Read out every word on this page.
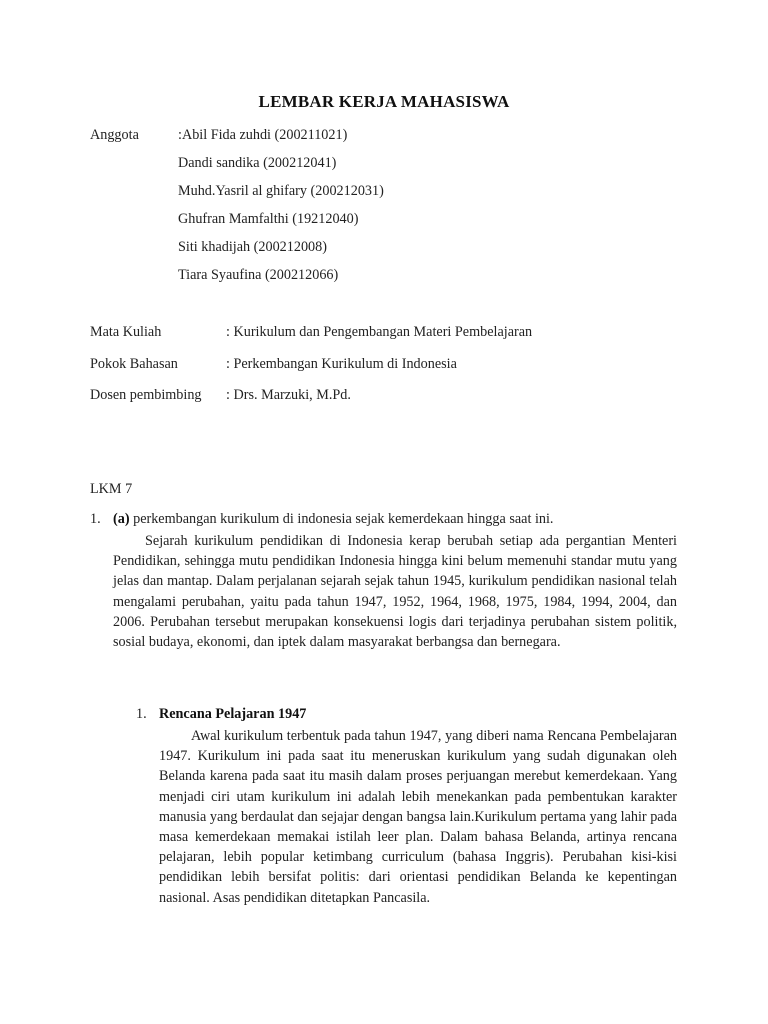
LEMBAR KERJA MAHASISWA
Anggota	:Abil Fida zuhdi (200211021)
Dandi sandika (200212041)
Muhd.Yasril al ghifary (200212031)
Ghufran Mamfalthi (19212040)
Siti khadijah (200212008)
Tiara Syaufina (200212066)
Mata Kuliah	: Kurikulum dan Pengembangan Materi Pembelajaran
Pokok Bahasan	: Perkembangan Kurikulum di Indonesia
Dosen pembimbing : Drs. Marzuki, M.Pd.
LKM 7
1. (a) perkembangan kurikulum di indonesia sejak kemerdekaan hingga saat ini.
Sejarah kurikulum pendidikan di Indonesia kerap berubah setiap ada pergantian Menteri Pendidikan, sehingga mutu pendidikan Indonesia hingga kini belum memenuhi standar mutu yang jelas dan mantap. Dalam perjalanan sejarah sejak tahun 1945, kurikulum pendidikan nasional telah mengalami perubahan, yaitu pada tahun 1947, 1952, 1964, 1968, 1975, 1984, 1994, 2004, dan 2006. Perubahan tersebut merupakan konsekuensi logis dari terjadinya perubahan sistem politik, sosial budaya, ekonomi, dan iptek dalam masyarakat berbangsa dan bernegara.
1. Rencana Pelajaran 1947
Awal kurikulum terbentuk pada tahun 1947, yang diberi nama Rencana Pembelajaran 1947. Kurikulum ini pada saat itu meneruskan kurikulum yang sudah digunakan oleh Belanda karena pada saat itu masih dalam proses perjuangan merebut kemerdekaan. Yang menjadi ciri utam kurikulum ini adalah lebih menekankan pada pembentukan karakter manusia yang berdaulat dan sejajar dengan bangsa lain.Kurikulum pertama yang lahir pada masa kemerdekaan memakai istilah leer plan. Dalam bahasa Belanda, artinya rencana pelajaran, lebih popular ketimbang curriculum (bahasa Inggris). Perubahan kisi-kisi pendidikan lebih bersifat politis: dari orientasi pendidikan Belanda ke kepentingan nasional. Asas pendidikan ditetapkan Pancasila.
